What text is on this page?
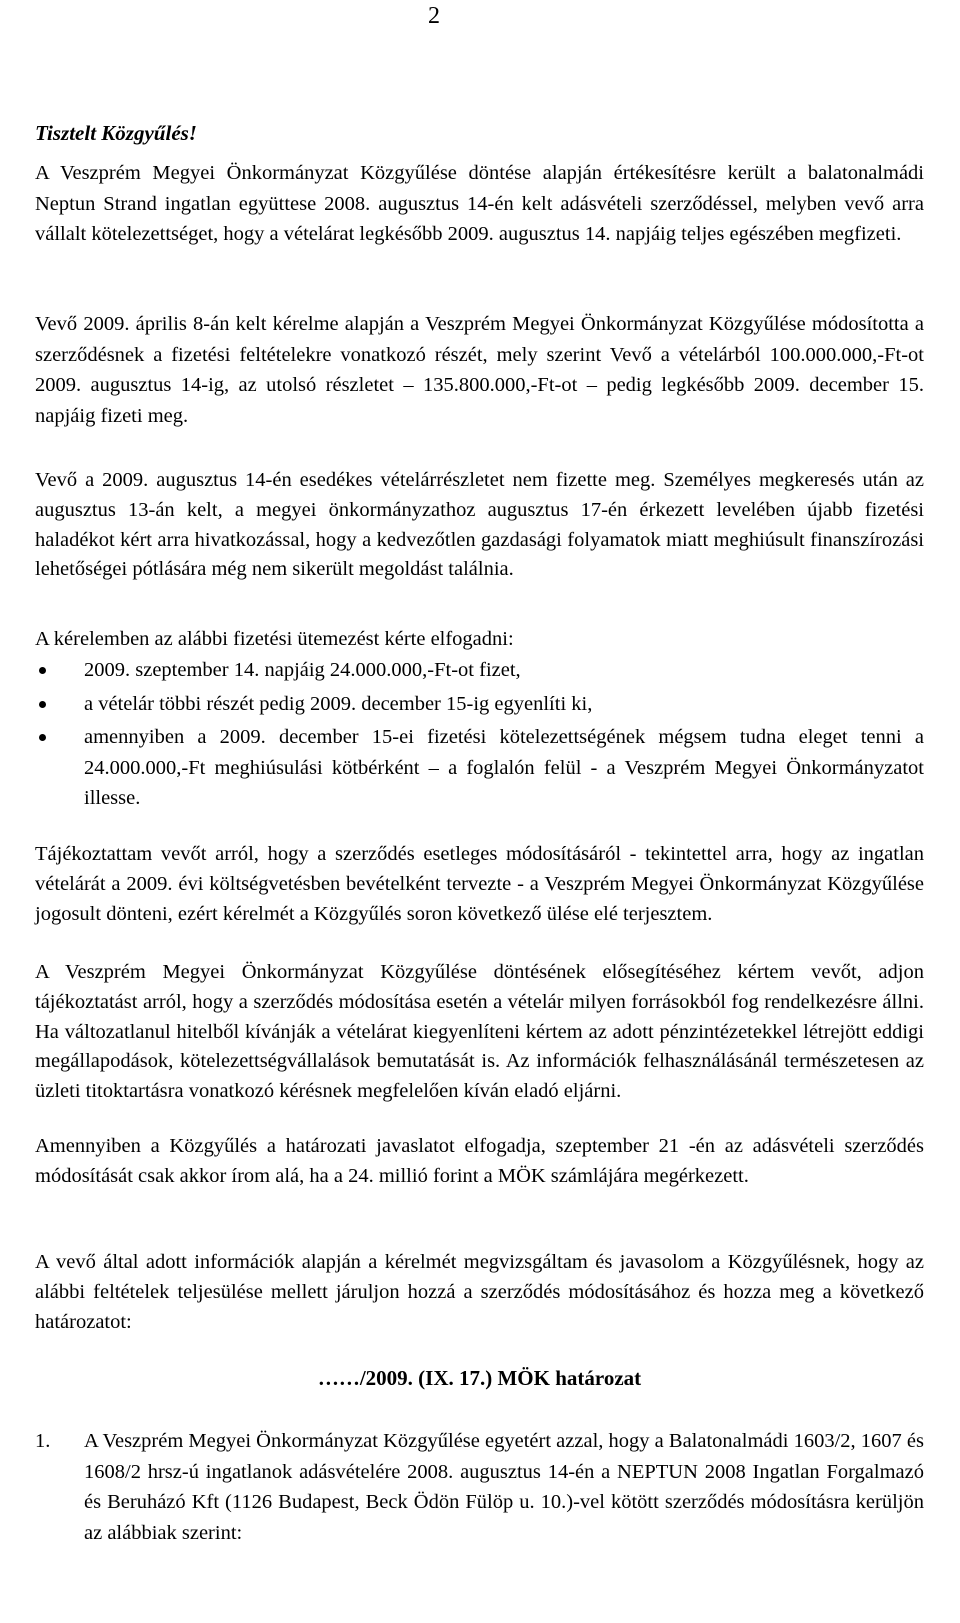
2
Tisztelt Közgyűlés!

A Veszprém Megyei Önkormányzat Közgyűlése döntése alapján értékesítésre került a balatonalmádi Neptun Strand ingatlan együttese 2008. augusztus 14-én kelt adásvételi szerződéssel, melyben vevő arra vállalt kötelezettséget, hogy a vételárat legkésőbb 2009. augusztus 14. napjáig teljes egészében megfizeti.

Vevő 2009. április 8-án kelt kérelme alapján a Veszprém Megyei Önkormányzat Közgyűlése módosította a szerződésnek a fizetési feltételekre vonatkozó részét, mely szerint Vevő a vételárból 100.000.000,-Ft-ot 2009. augusztus 14-ig, az utolsó részletet – 135.800.000,-Ft-ot – pedig legkésőbb 2009. december 15. napjáig fizeti meg.

Vevő a 2009. augusztus 14-én esedékes vételárrészletet nem fizette meg. Személyes megkeresés után az augusztus 13-án kelt, a megyei önkormányzathoz augusztus 17-én érkezett levelében újabb fizetési haladékot kért arra hivatkozással, hogy a kedvezőtlen gazdasági folyamatok miatt meghiúsult finanszírozási lehetőségei pótlására még nem sikerült megoldást találnia.

A kérelemben az alábbi fizetési ütemezést kérte elfogadni:

2009. szeptember 14. napjáig 24.000.000,-Ft-ot fizet,
a vételár többi részét pedig 2009. december 15-ig egyenlíti ki,
amennyiben a 2009. december 15-ei fizetési kötelezettségének mégsem tudna eleget tenni a 24.000.000,-Ft meghiúsulási kötbérként – a foglalón felül - a Veszprém Megyei Önkormányzatot illesse.

Tájékoztattam vevőt arról, hogy a szerződés esetleges módosításáról - tekintettel arra, hogy az ingatlan vételárát a 2009. évi költségvetésben bevételként tervezte - a Veszprém Megyei Önkormányzat Közgyűlése jogosult dönteni, ezért kérelmét a Közgyűlés soron következő ülése elé terjesztem.

A Veszprém Megyei Önkormányzat Közgyűlése döntésének elősegítéséhez kértem vevőt, adjon tájékoztatást arról, hogy a szerződés módosítása esetén a vételár milyen forrásokból fog rendelkezésre állni. Ha változatlanul hitelből kívánják a vételárat kiegyenlíteni kértem az adott pénzintézetekkel létrejött eddigi megállapodások, kötelezettségvállalások bemutatását is. Az információk felhasználásánál természetesen az üzleti titoktartásra vonatkozó kérésnek megfelelően kíván eladó eljárni.

Amennyiben a Közgyűlés a határozati javaslatot elfogadja, szeptember 21 -én az adásvételi szerződés módosítását csak akkor írom alá, ha a 24. millió forint a MÖK számlájára megérkezett.

A vevő által adott információk alapján a kérelmét megvizsgáltam és javasolom a Közgyűlésnek, hogy az alábbi feltételek teljesülése mellett járuljon hozzá a szerződés módosításához és hozza meg a következő határozatot:

……/2009. (IX. 17.) MÖK határozat
1. A Veszprém Megyei Önkormányzat Közgyűlése egyetért azzal, hogy a Balatonalmádi 1603/2, 1607 és 1608/2 hrsz-ú ingatlanok adásvételére 2008. augusztus 14-én a NEPTUN 2008 Ingatlan Forgalmazó és Beruházó Kft (1126 Budapest, Beck Ödön Fülöp u. 10.)-vel kötött szerződés módosításra kerüljön az alábbiak szerint:
